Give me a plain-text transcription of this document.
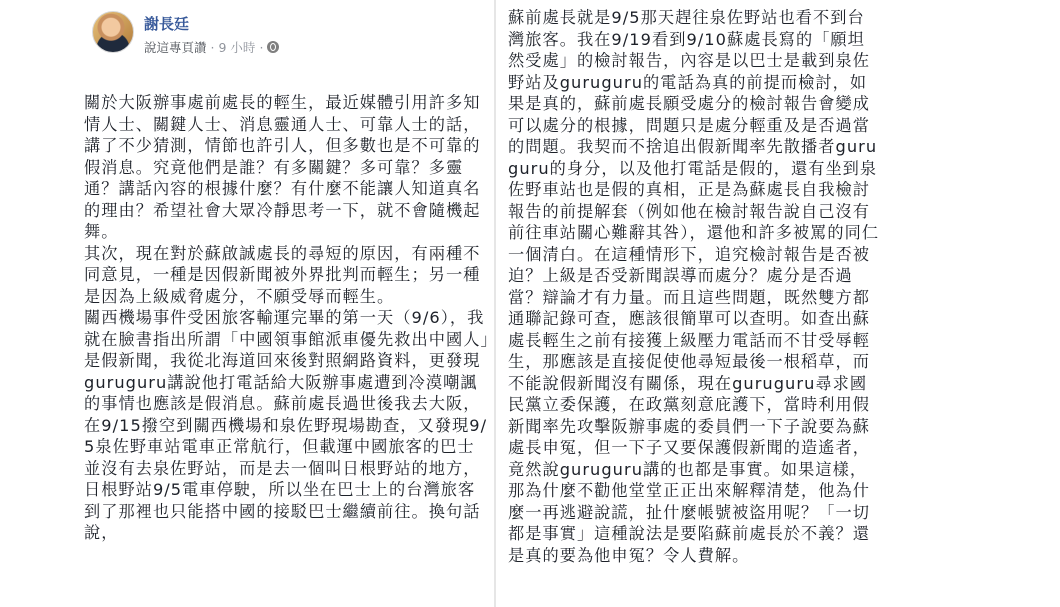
謝長廷
說這專頁讚 · 9 小時 ·

關於大阪辦事處前處長的輕生，最近媒體引用許多知情人士、關鍵人士、消息靈通人士、可靠人士的話，講了不少猜測，情節也許引人，但多數也是不可靠的假消息。究竟他們是誰？有多關鍵？多可靠？多靈通？講話內容的根據什麼？有什麼不能讓人知道真名的理由？希望社會大眾冷靜思考一下，就不會隨機起舞。

其次，現在對於蘇啟誠處長的尋短的原因，有兩種不同意見，一種是因假新聞被外界批判而輕生；另一種是因為上級威脅處分，不願受辱而輕生。

關西機場事件受困旅客輸運完畢的第一天（9/6），我就在臉書指出所謂「中國領事館派車優先救出中國人」是假新聞，我從北海道回來後對照網路資料，更發現guruguru講說他打電話給大阪辦事處遭到冷漠嘲諷的事情也應該是假消息。蘇前處長過世後我去大阪，在9/15撥空到關西機場和泉佐野現場勘查，又發現9/5泉佐野車站電車正常航行，但載運中國旅客的巴士並沒有去泉佐野站，而是去一個叫日根野站的地方，日根野站9/5電車停駛，所以坐在巴士上的台灣旅客到了那裡也只能搭中國的接駁巴士繼續前往。換句話說，

蘇前處長就是9/5那天趕往泉佐野站也看不到台灣旅客。我在9/19看到9/10蘇處長寫的「願坦然受處」的檢討報告，內容是以巴士是載到泉佐野站及guruguru的電話為真的前提而檢討，如果是真的，蘇前處長願受處分的檢討報告會變成可以處分的根據，問題只是處分輕重及是否過當的問題。我契而不捨追出假新聞率先散播者guruguru的身分，以及他打電話是假的，還有坐到泉佐野車站也是假的真相，正是為蘇處長自我檢討報告的前提解套（例如他在檢討報告說自己沒有前往車站關心難辭其咎），還他和許多被罵的同仁一個清白。在這種情形下，追究檢討報告是否被迫？上級是否受新聞誤導而處分？處分是否過當？辯論才有力量。而且這些問題，既然雙方都通聯記錄可查，應該很簡單可以查明。如查出蘇處長輕生之前有接獲上級壓力電話而不甘受辱輕生，那應該是直接促使他尋短最後一根稻草，而不能說假新聞沒有關係，現在guruguru尋求國民黨立委保護，在政黨刻意庇護下，當時利用假新聞率先攻擊阪辦事處的委員們一下子說要為蘇處長申冤，但一下子又要保護假新聞的造遙者，竟然說guruguru講的也都是事實。如果這樣，那為什麼不勸他堂堂正正出來解釋清楚，他為什麼一再逃避說謊，扯什麼帳號被盜用呢？「一切都是事實」這種說法是要陷蘇前處長於不義？還是真的要為他申冤？令人費解。
